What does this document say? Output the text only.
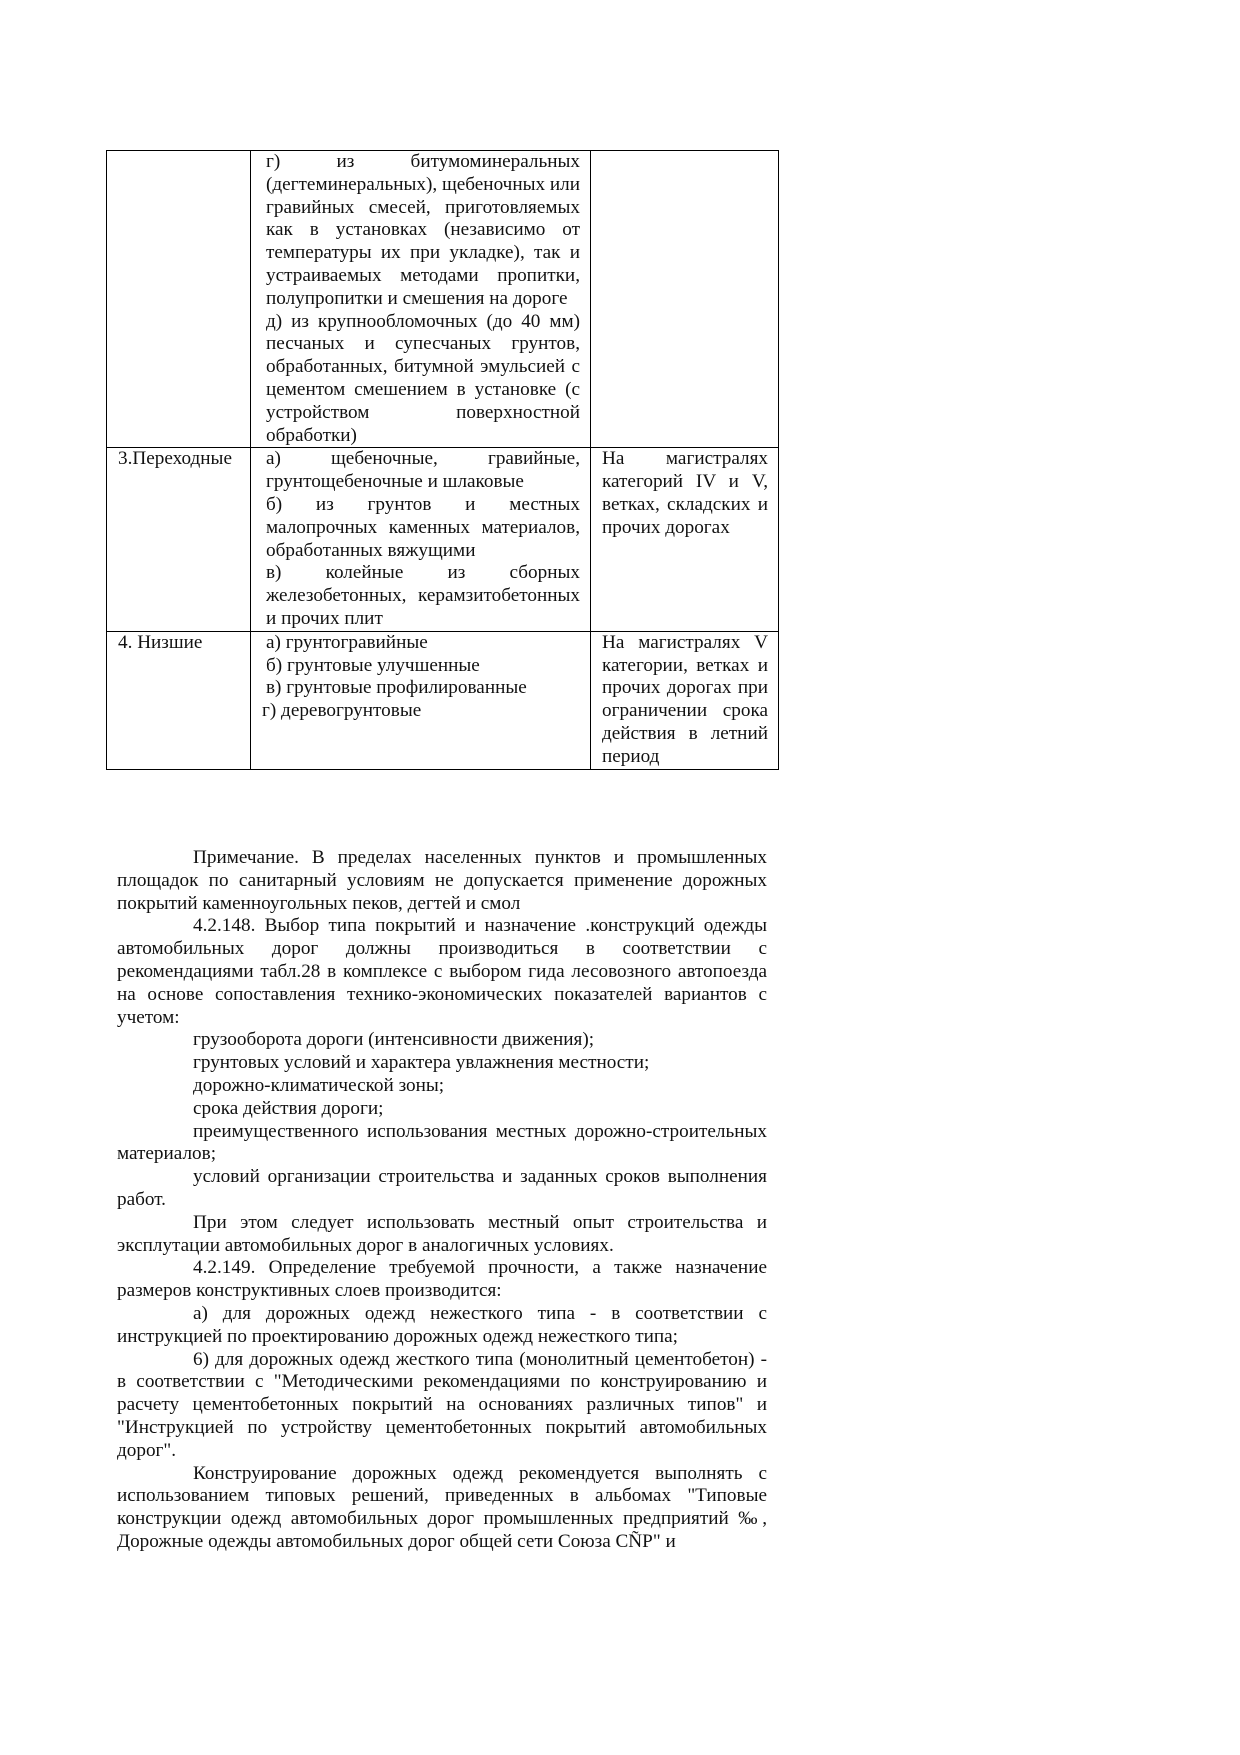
	г) из битумоминеральных (дегтеминеральных), щебеночных или гравийных смесей, приготовляемых как в установках (независимо от температуры их при укладке), так и устраиваемых методами пропитки, полупропитки и смешения на дороге
д) из крупнообломочных (до 40 мм) песчаных и супесчаных грунтов, обработанных, битумной эмульсией с цементом смешением в установке (с устройством поверхностной обработки)	

3.Переходные	а) щебеночные, гравийные, грунтощебеночные и шлаковые
б) из грунтов и местных малопрочных каменных материалов, обработанных вяжущими
в) колейные из сборных железобетонных, керамзитобетонных и прочих плит	На магистралях категорий IV и V, ветках, складских и прочих дорогах

4. Низшие	а) грунтогравийные
б) грунтовые улучшенные
в) грунтовые профилированные
г) деревогрунтовые	На магистралях V категории, ветках и прочих дорогах при ограничении срока действия в летний период

Примечание. В пределах населенных пунктов и промышленных площадок по санитарный условиям не допускается применение дорожных покрытий каменноугольных пеков, дегтей и смол

4.2.148. Выбор типа покрытий и назначение .конструкций одежды автомобильных дорог должны производиться в соответствии с рекомендациями табл.28 в комплексе с выбором гида лесовозного автопоезда на основе сопоставления технико-экономических показателей вариантов с учетом:

грузооборота дороги (интенсивности движения);

грунтовых условий и характера увлажнения местности;

дорожно-климатической зоны;

срока действия дороги;

преимущественного использования местных дорожно-строительных материалов;

условий организации строительства и заданных сроков выполнения работ.

При этом следует использовать местный опыт строительства и эксплутации автомобильных дорог в аналогичных условиях.

4.2.149. Определение требуемой прочности, а также назначение размеров конструктивных слоев производится:

а) для дорожных одежд нежесткого типа - в соответствии с инструкцией по проектированию дорожных одежд нежесткого типа;

6) для дорожных одежд жесткого типа (монолитный цементобетон) - в соответствии с "Методическими рекомендациями по конструированию и расчету цементобетонных покрытий на основаниях различных типов" и "Инструкцией по устройству цементобетонных покрытий автомобильных дорог".

Конструирование дорожных одежд рекомендуется выполнять с использованием типовых решений, приведенных в альбомах "Типовые конструкции одежд автомобильных дорог промышленных предприятий ‰, Дорожные одежды автомобильных дорог общей сети Союза CÑР" и
